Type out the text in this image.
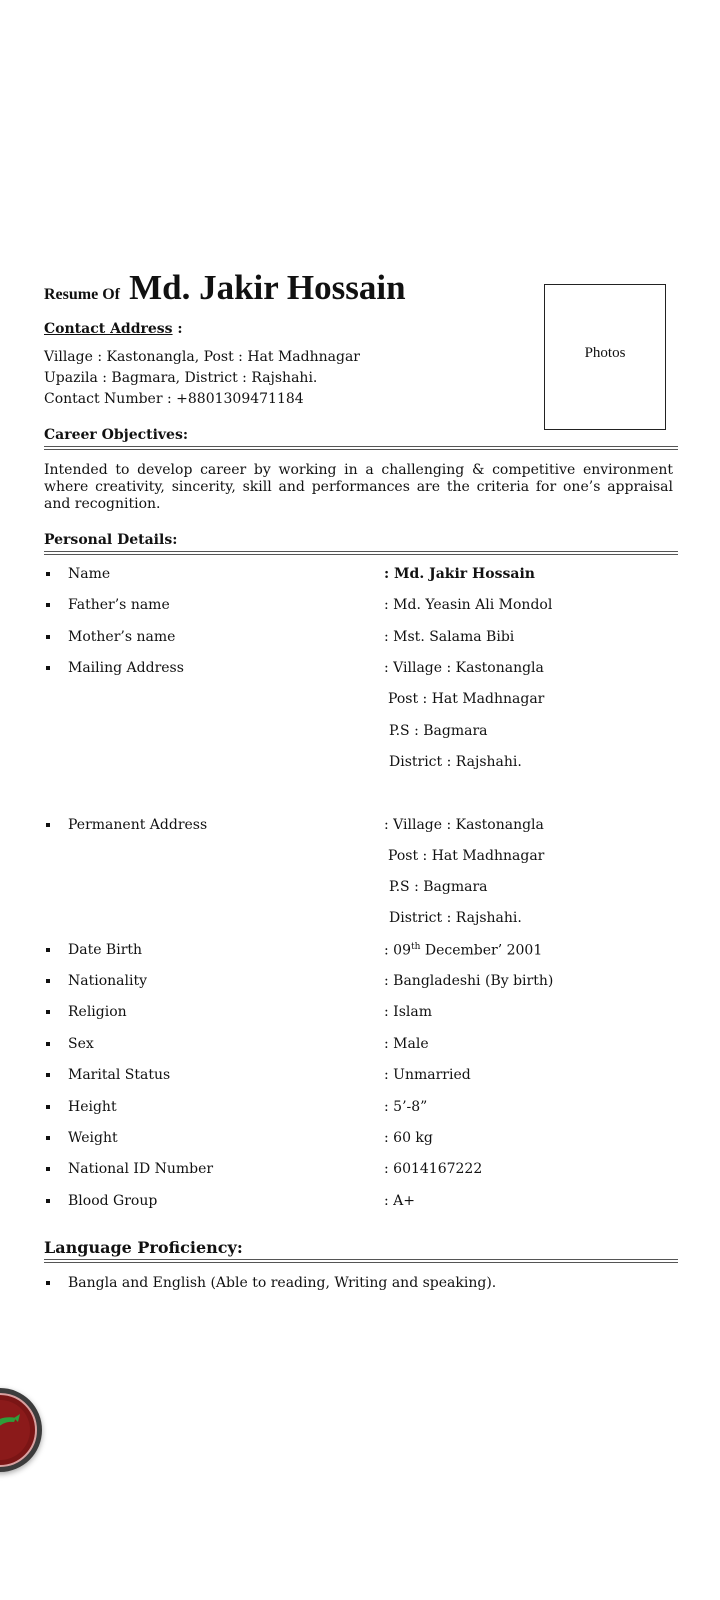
Resume Of Md. Jakir Hossain
Photos
Contact Address :
Village : Kastonangla, Post : Hat Madhnagar
Upazila : Bagmara, District : Rajshahi.
Contact Number : +8801309471184
Career Objectives:
Intended to develop career by working in a challenging & competitive environment where creativity, sincerity, skill and performances are the criteria for one’s appraisal and recognition.
Personal Details:
Name	: Md. Jakir Hossain
Father’s name	: Md. Yeasin Ali Mondol
Mother’s name	: Mst. Salama Bibi
Mailing Address	: Village : Kastonangla
Post : Hat Madhnagar
P.S : Bagmara
District : Rajshahi.
Permanent Address	: Village : Kastonangla
Post : Hat Madhnagar
P.S : Bagmara
District : Rajshahi.
Date Birth	: 09th December’ 2001
Nationality	: Bangladeshi (By birth)
Religion	: Islam
Sex	: Male
Marital Status	: Unmarried
Height	: 5’-8”
Weight	: 60 kg
National ID Number	: 6014167222
Blood Group	: A+
Language Proficiency:
Bangla and English (Able to reading, Writing and speaking).
